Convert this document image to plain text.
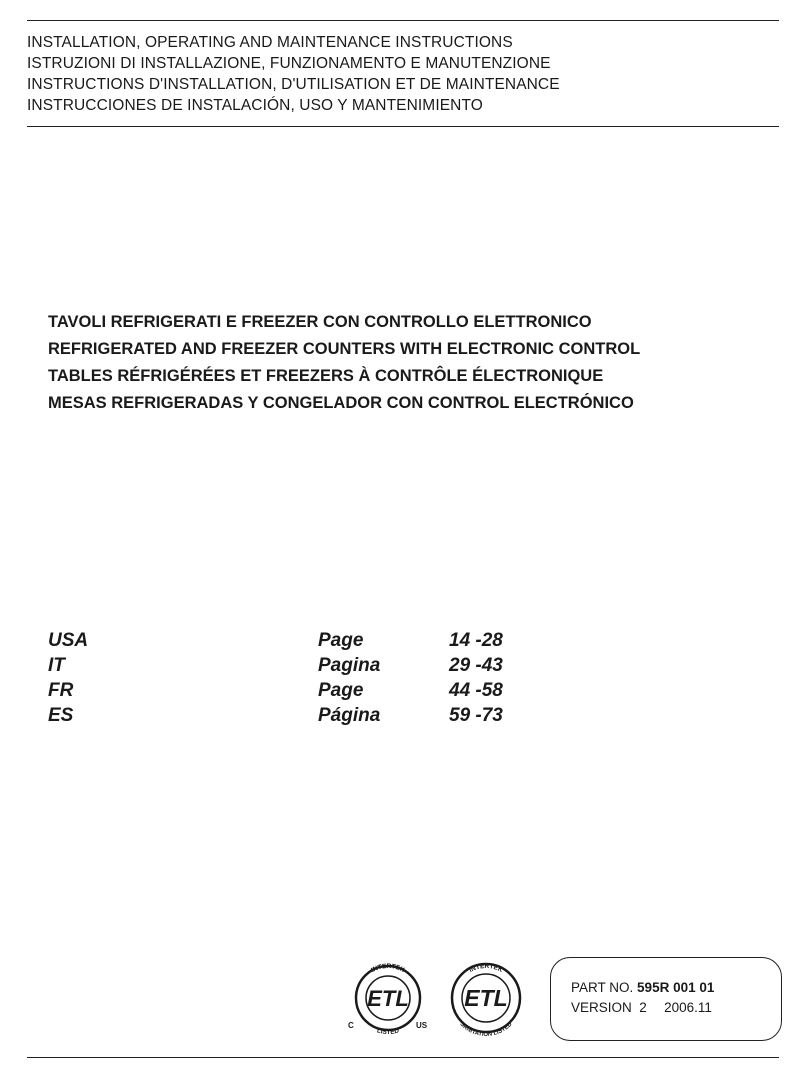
INSTALLATION, OPERATING AND MAINTENANCE INSTRUCTIONS
ISTRUZIONI DI INSTALLAZIONE, FUNZIONAMENTO E MANUTENZIONE
INSTRUCTIONS D'INSTALLATION, D'UTILISATION ET DE MAINTENANCE
INSTRUCCIONES DE INSTALACIÓN, USO Y MANTENIMIENTO
TAVOLI REFRIGERATI E FREEZER CON CONTROLLO ELETTRONICO
REFRIGERATED AND FREEZER COUNTERS WITH ELECTRONIC CONTROL
TABLES RÉFRIGÉRÉES ET FREEZERS À CONTRÔLE ÉLECTRONIQUE
MESAS REFRIGERADAS Y CONGELADOR CON CONTROL ELECTRÓNICO
USA	Page	14 -28
IT	Pagina	29 -43
FR	Page	44 -58
ES	Página	59 -73
INTERTEK
LISTED
ETL
C	US
INTERTEK
SANITATION LISTED
ETL	PART NO. 595R 001 01
VERSION  2 2006.11
